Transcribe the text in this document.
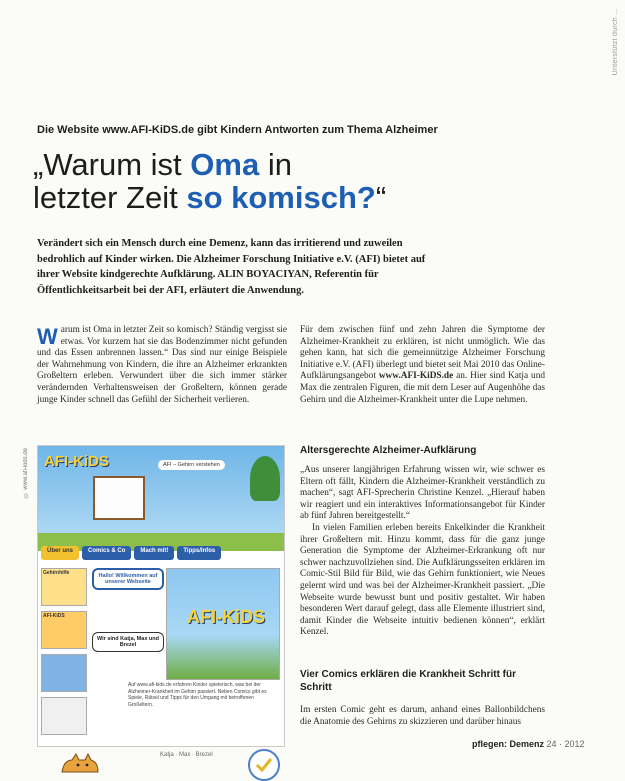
Unterstützt durch ...
Die Website www.AFI-KiDS.de gibt Kindern Antworten zum Thema Alzheimer
„Warum ist Oma in
letzter Zeit so komisch?“
Verändert sich ein Mensch durch eine Demenz, kann das irritierend und zuweilen bedrohlich auf Kinder wirken. Die Alzheimer Forschung Initiative e.V. (AFI) bietet auf ihrer Website kindgerechte Aufklärung. ALIN BOYACIYAN, Referentin für Öffentlichkeitsarbeit bei der AFI, erläutert die Anwendung.

Warum ist Oma in letzter Zeit so komisch? Ständig vergisst sie etwas. Vor kurzem hat sie das Bodenzimmer nicht gefunden und das Essen anbrennen lassen.“ Das sind nur einige Beispiele der Wahrnehmung von Kindern, die ihre an Alzheimer erkrankten Großeltern erleben. Verwundert über die sich immer stärker verändernden Verhaltensweisen der Großeltern, können gerade junge Kinder schnell das Gefühl der Sicherheit verlieren.

Für dem zwischen fünf und zehn Jahren die Symptome der Alzheimer-Krankheit zu erklären, ist nicht unmöglich. Wie das gehen kann, hat sich die gemeinnützige Alzheimer Forschung Initiative e.V. (AFI) überlegt und bietet seit Mai 2010 das Online-Aufklärungsangebot www.AFI-KiDS.de an. Hier sind Katja und Max die zentralen Figuren, die mit dem Leser auf Augenhöhe das Gehirn und die Alzheimer-Krankheit unter die Lupe nehmen.

Altersgerechte Alzheimer-Aufklärung

„Aus unserer langjährigen Erfahrung wissen wir, wie schwer es Eltern oft fällt, Kindern die Alzheimer-Krankheit verständlich zu machen“, sagt AFI-Sprecherin Christine Kenzel. „Hierauf haben wir reagiert und ein interaktives Informationsangebot für Kinder ab fünf Jahren bereitgestellt.“

In vielen Familien erleben bereits Enkelkinder die Krankheit ihrer Großeltern mit. Hinzu kommt, dass für die ganz junge Generation die Symptome der Alzheimer-Erkrankung oft nur schwer nachzuvollziehen sind. Die Aufklärungsseiten erklären im Comic-Stil Bild für Bild, wie das Gehirn funktioniert, wie Neues gelernt wird und was bei der Alzheimer-Krankheit passiert. „Die Webseite wurde bewusst bunt und positiv gestaltet. Wir haben besonderen Wert darauf gelegt, dass alle Elemente illustriert sind, damit Kinder die Webseite intuitiv bedienen können“, erklärt Kenzel.

Vier Comics erklären die Krankheit Schritt für Schritt
Im ersten Comic geht es darum, anhand eines Ballonbildchens die Anatomie des Gehirns zu skizzieren und darüber hinaus
© www.afi-kids.de AFI-KiDS	AFI – Gehirn verstehen
Über uns	Comics & Co	Mach mit!	Tipps/Infos
Gehirnhilfe
AFI-KiDS
Hallo! Willkommen auf unserer Webseite
Wir sind Katja, Max und Brezel
AFI-KiDS
Auf www.afi-kids.de erfahren Kinder spielerisch, was bei der Alzheimer-Krankheit im Gehirn passiert. Neben Comics gibt es Spiele, Rätsel und Tipps für den Umgang mit betroffenen Großeltern.
Katja · Max · Brezel
pflegen: Demenz 24 · 2012
